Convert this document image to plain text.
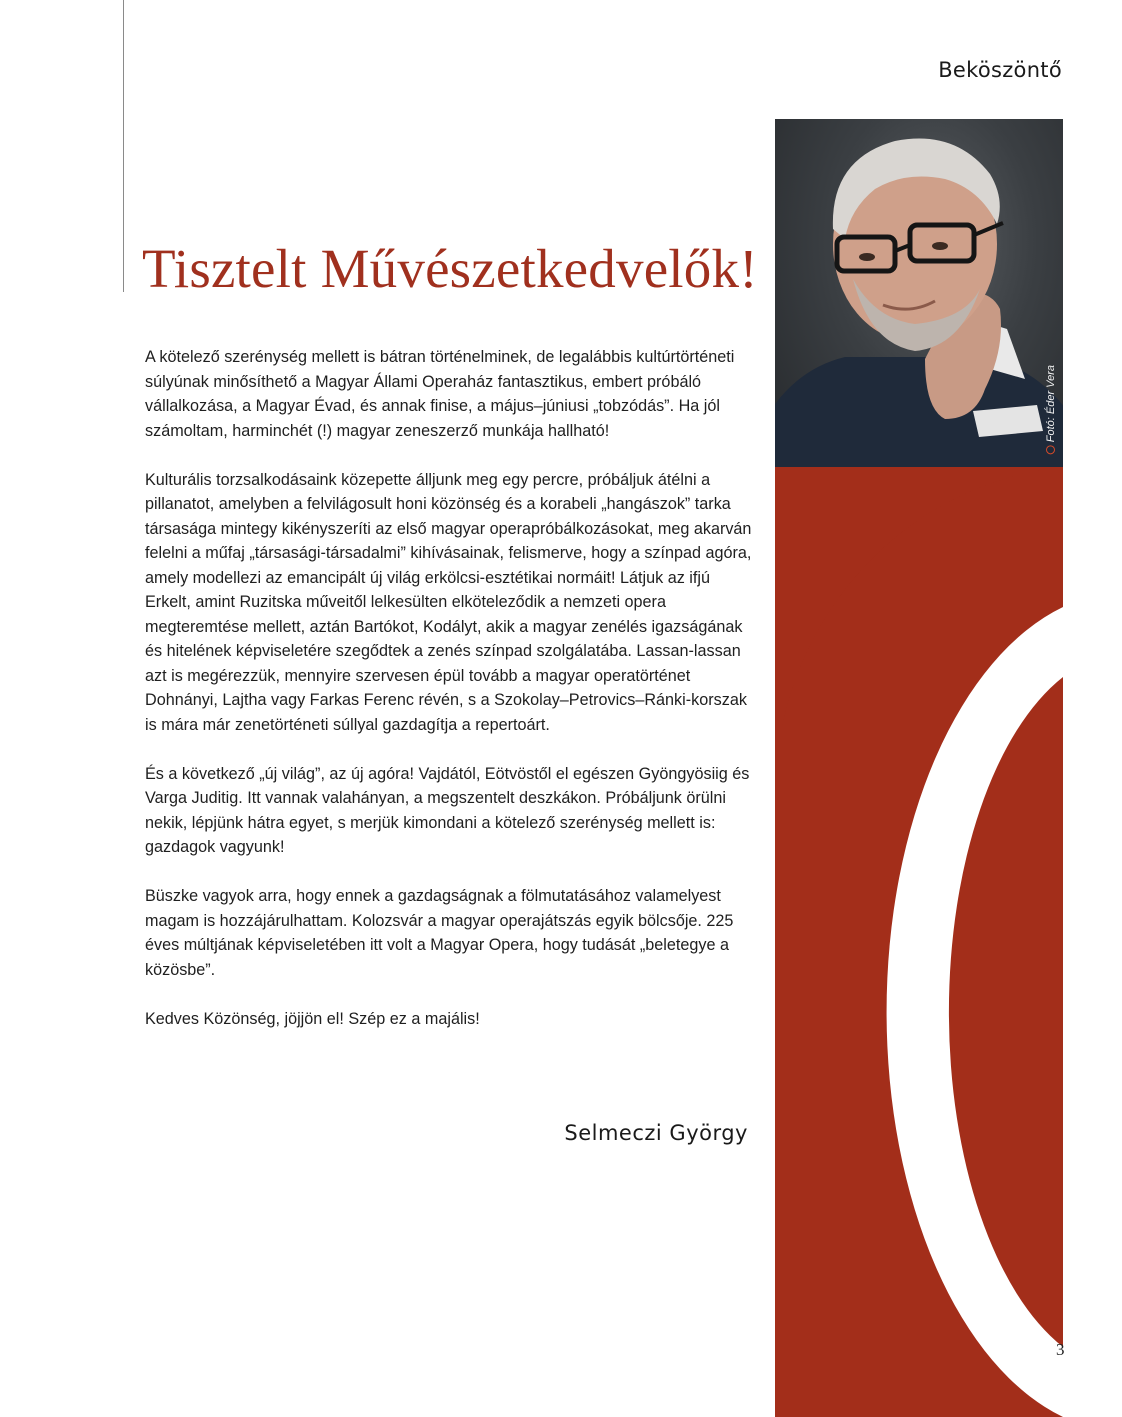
Beköszöntő
Tisztelt Művészetkedvelők!

A kötelező szerénység mellett is bátran történelminek, de legalábbis kultúrtörténeti súlyúnak minősíthető a Magyar Állami Operaház fantasztikus, embert próbáló vállalkozása, a Magyar Évad, és annak finise, a május–júniusi „tobzódás”. Ha jól számoltam, harminchét (!) magyar zeneszerző munkája hallható!

Kulturális torzsalkodásaink közepette álljunk meg egy percre, próbáljuk átélni a pillanatot, amelyben a felvilágosult honi közönség és a korabeli „hangászok” tarka társasága mintegy kikényszeríti az első magyar operapróbálkozásokat, meg akarván felelni a műfaj „társasági-társadalmi” kihívásainak, felismerve, hogy a színpad agóra, amely modellezi az emancipált új világ erkölcsi-esztétikai normáit! Látjuk az ifjú Erkelt, amint Ruzitska műveitől lelkesülten elköteleződik a nemzeti opera megteremtése mellett, aztán Bartókot, Kodályt, akik a magyar zenélés igazságának és hitelének képviseletére szegődtek a zenés színpad szolgálatába. Lassan-lassan azt is megérezzük, mennyire szervesen épül tovább a magyar operatörténet Dohnányi, Lajtha vagy Farkas Ferenc révén, s a Szokolay–Petrovics–Ránki-korszak is mára már zenetörténeti súllyal gazdagítja a repertoárt.

És a következő „új világ”, az új agóra! Vajdától, Eötvöstől el egészen Gyöngyösiig és Varga Juditig. Itt vannak valahányan, a megszentelt deszkákon. Próbáljunk örülni nekik, lépjünk hátra egyet, s merjük kimondani a kötelező szerénység mellett is: gazdagok vagyunk!

Büszke vagyok arra, hogy ennek a gazdagságnak a fölmutatásához valamelyest magam is hozzájárulhattam. Kolozsvár a magyar operajátszás egyik bölcsője. 225 éves múltjának képviseletében itt volt a Magyar Opera, hogy tudását „beletegye a közösbe”.

Kedves Közönség, jöjjön el! Szép ez a majális!

Selmeczi György
Fotó: Éder Vera
3
